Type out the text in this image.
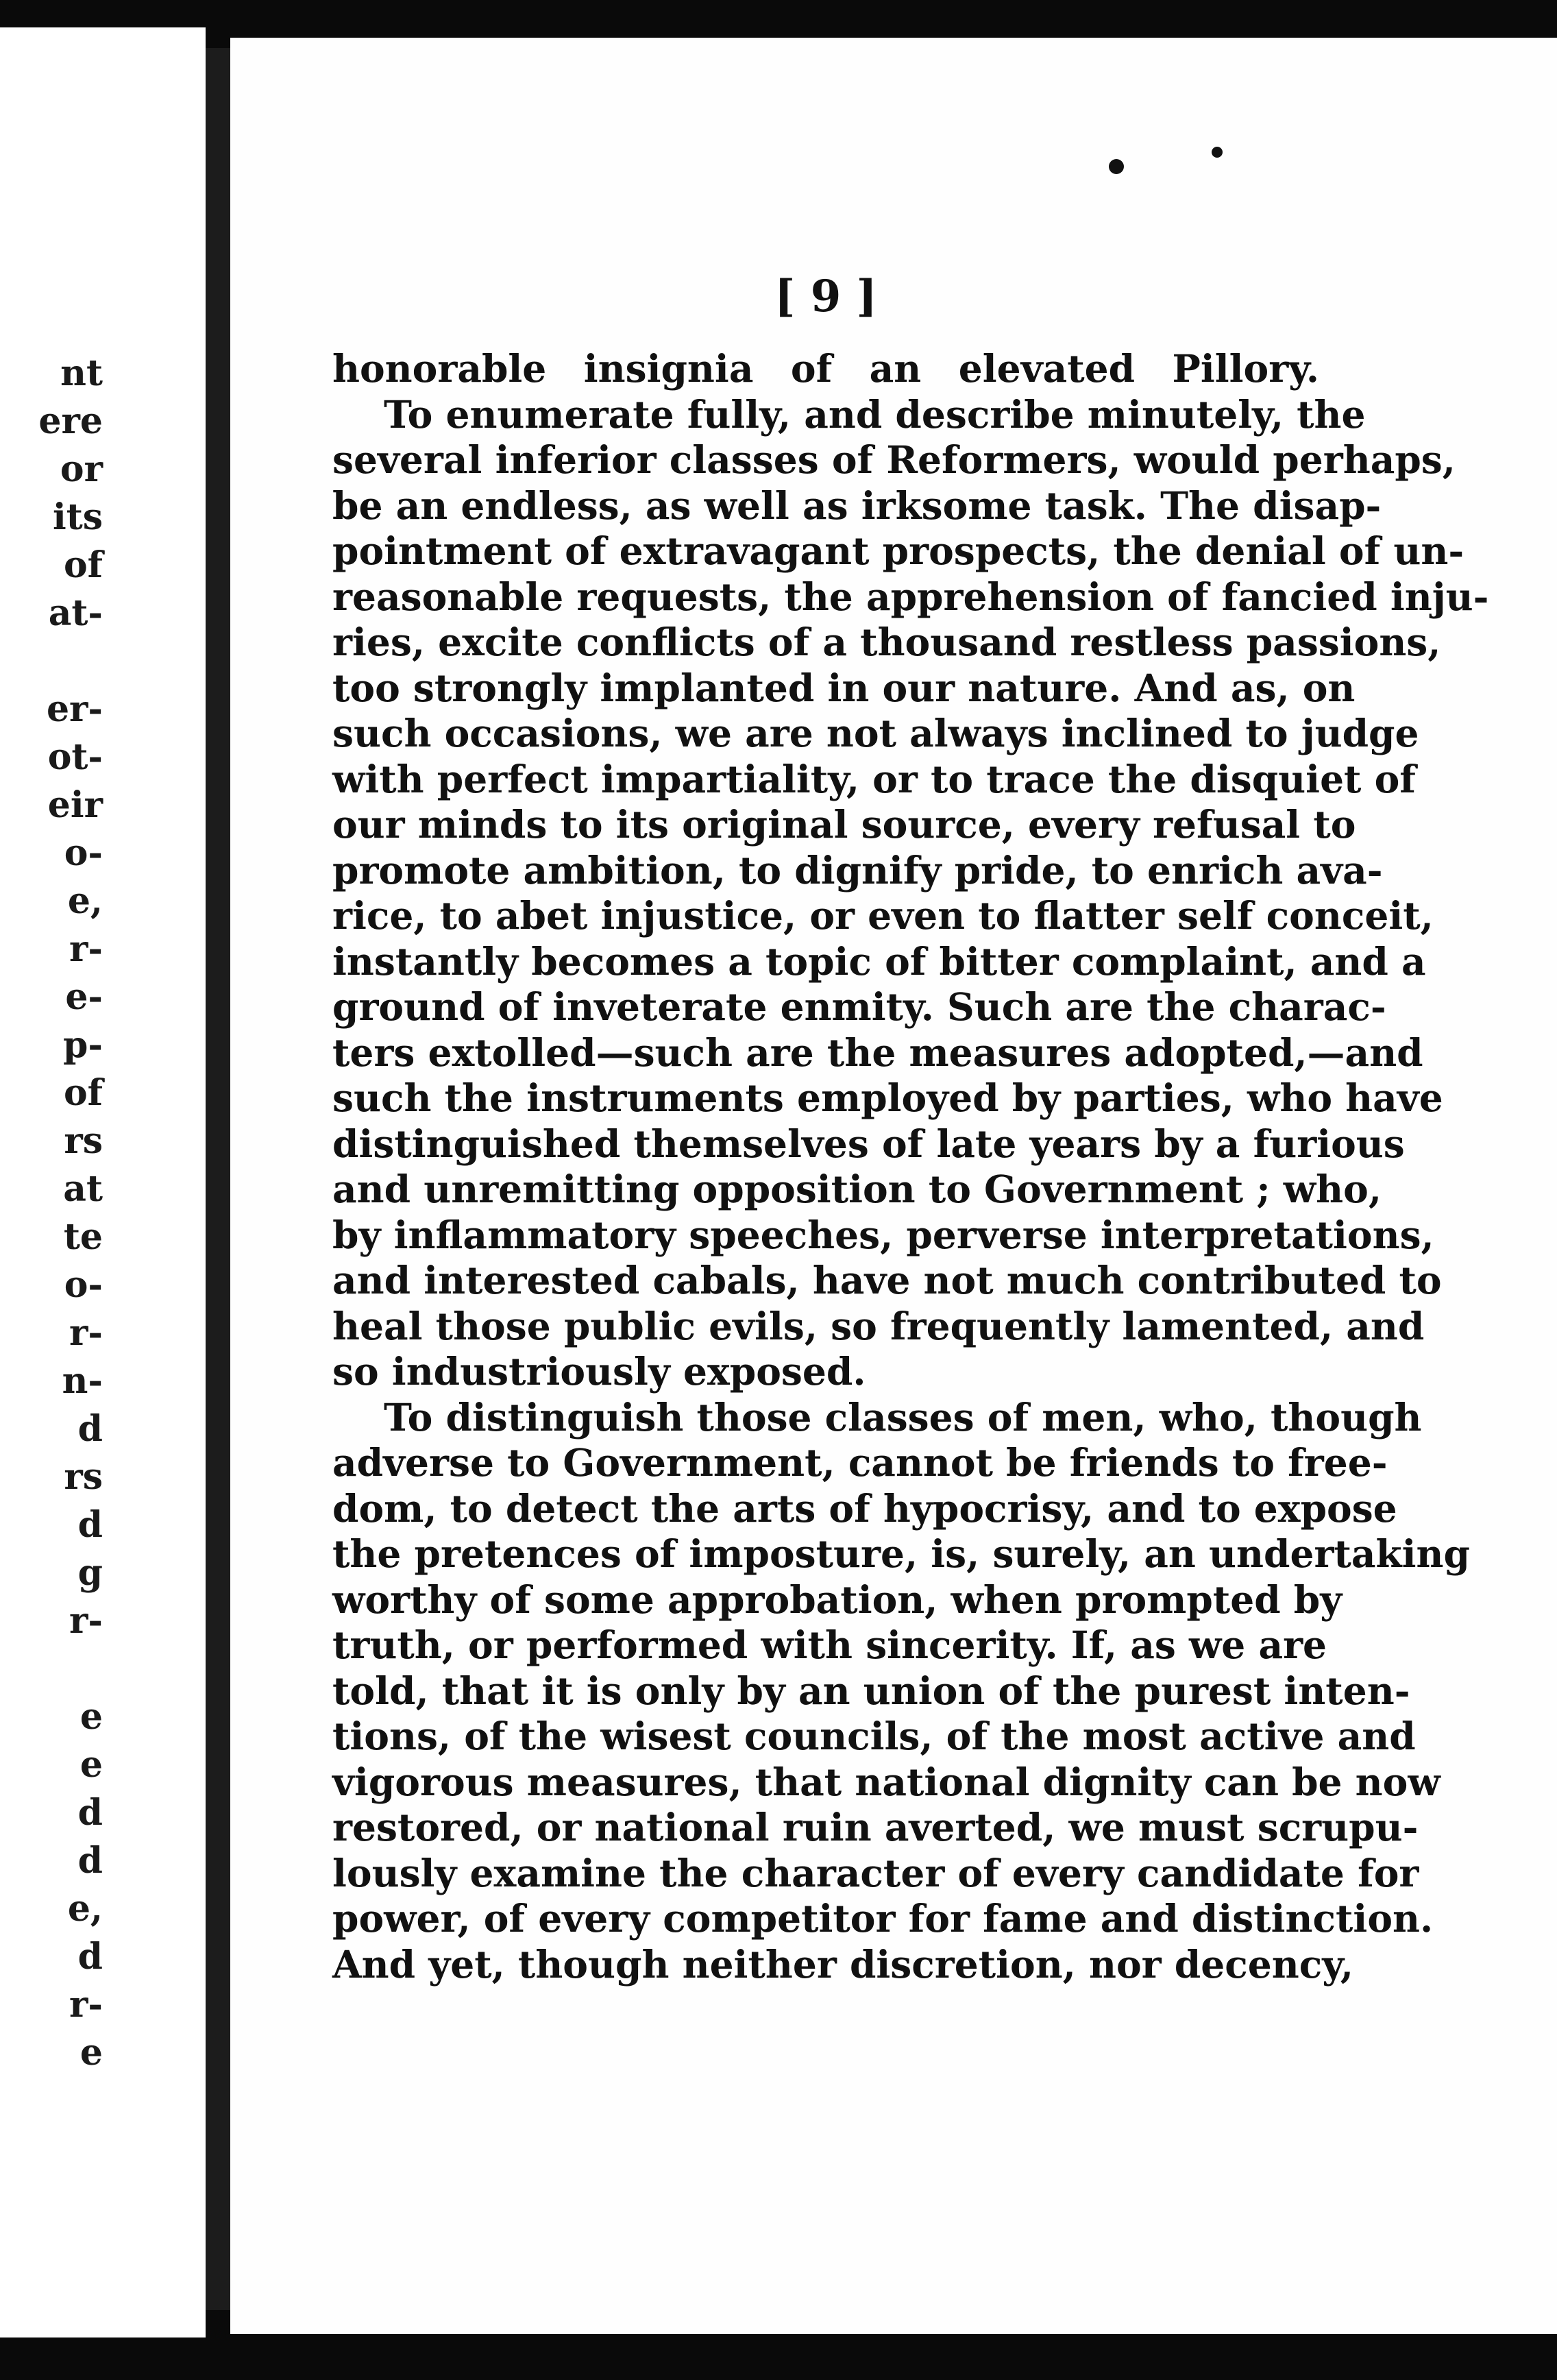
nt
ere
or
its
of
at-
er-
ot-
eir
o-
e,
r-
e-
p-
of
rs
at
te
o-
r-
n-
d
rs
d
g
r-
e
e
d
d
e,
d
r-
e
[ 9 ]
honorable insignia of an elevated Pillory.
To enumerate fully, and describe minutely, the
several inferior classes of Reformers, would perhaps,
be an endless, as well as irksome task. The disap-
pointment of extravagant prospects, the denial of un-
reasonable requests, the apprehension of fancied inju-
ries, excite conflicts of a thousand restless passions,
too strongly implanted in our nature. And as, on
such occasions, we are not always inclined to judge
with perfect impartiality, or to trace the disquiet of
our minds to its original source, every refusal to
promote ambition, to dignify pride, to enrich ava-
rice, to abet injustice, or even to flatter self conceit,
instantly becomes a topic of bitter complaint, and a
ground of inveterate enmity. Such are the charac-
ters extolled—such are the measures adopted,—and
such the instruments employed by parties, who have
distinguished themselves of late years by a furious
and unremitting opposition to Government ; who,
by inflammatory speeches, perverse interpretations,
and interested cabals, have not much contributed to
heal those public evils, so frequently lamented, and
so industriously exposed.
To distinguish those classes of men, who, though
adverse to Government, cannot be friends to free-
dom, to detect the arts of hypocrisy, and to expose
the pretences of imposture, is, surely, an undertaking
worthy of some approbation, when prompted by
truth, or performed with sincerity. If, as we are
told, that it is only by an union of the purest inten-
tions, of the wisest councils, of the most active and
vigorous measures, that national dignity can be now
restored, or national ruin averted, we must scrupu-
lously examine the character of every candidate for
power, of every competitor for fame and distinction.
And yet, though neither discretion, nor decency,
